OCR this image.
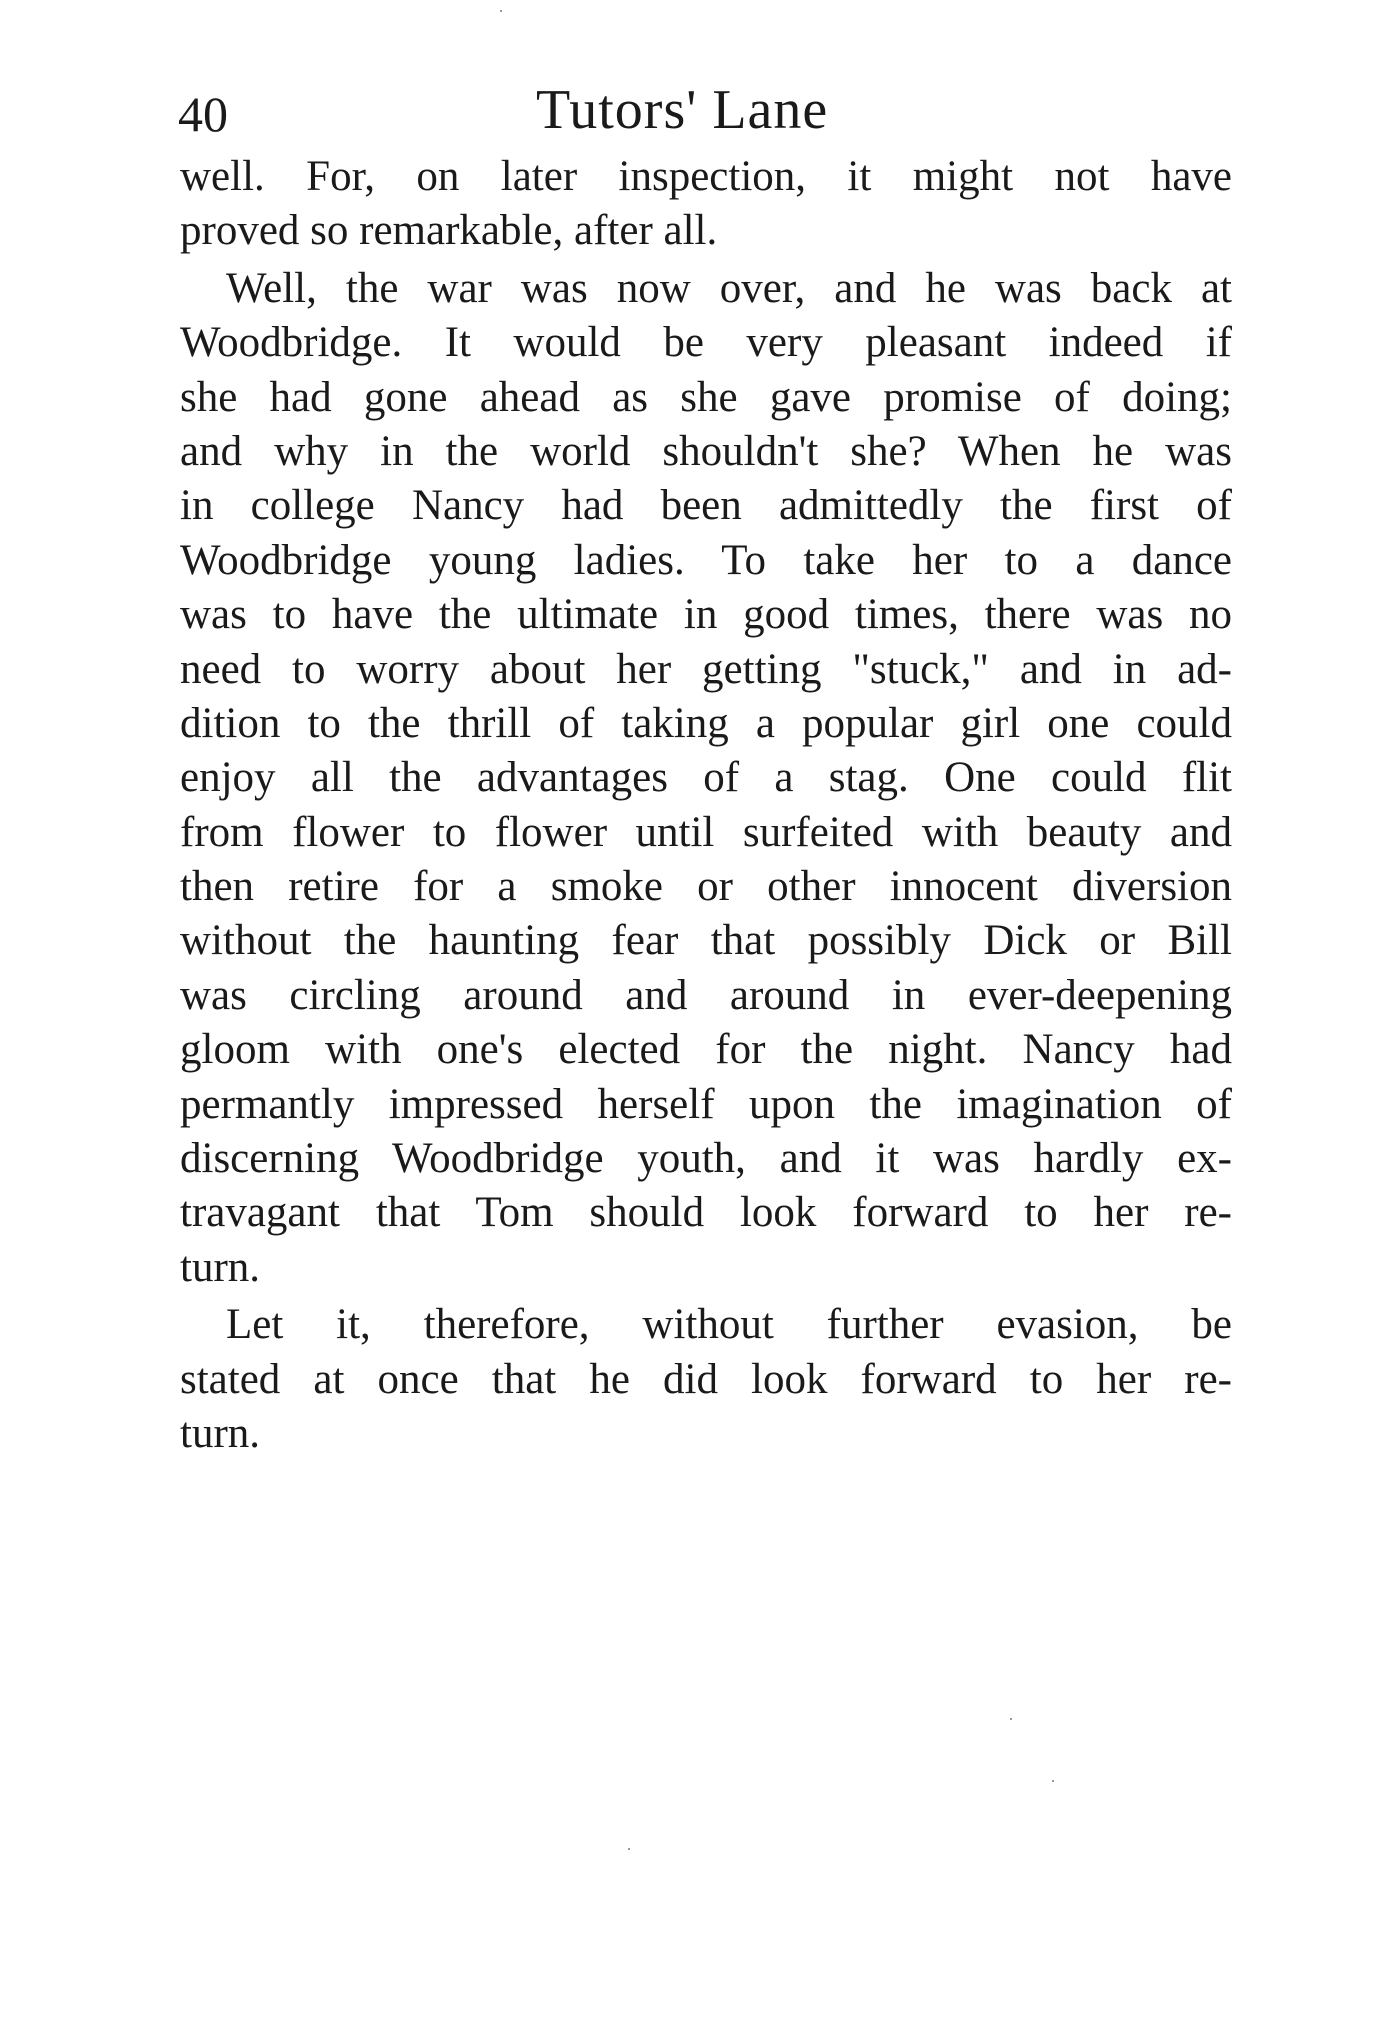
40	Tutors' Lane
well. For, on later inspection, it might not have
proved so remarkable, after all.
Well, the war was now over, and he was back at
Woodbridge. It would be very pleasant indeed if
she had gone ahead as she gave promise of doing;
and why in the world shouldn't she? When he was
in college Nancy had been admittedly the first of
Woodbridge young ladies. To take her to a dance
was to have the ultimate in good times, there was no
need to worry about her getting "stuck," and in ad-
dition to the thrill of taking a popular girl one could
enjoy all the advantages of a stag. One could flit
from flower to flower until surfeited with beauty and
then retire for a smoke or other innocent diversion
without the haunting fear that possibly Dick or Bill
was circling around and around in ever-deepening
gloom with one's elected for the night. Nancy had
permantly impressed herself upon the imagination of
discerning Woodbridge youth, and it was hardly ex-
travagant that Tom should look forward to her re-
turn.
Let it, therefore, without further evasion, be
stated at once that he did look forward to her re-
turn.
